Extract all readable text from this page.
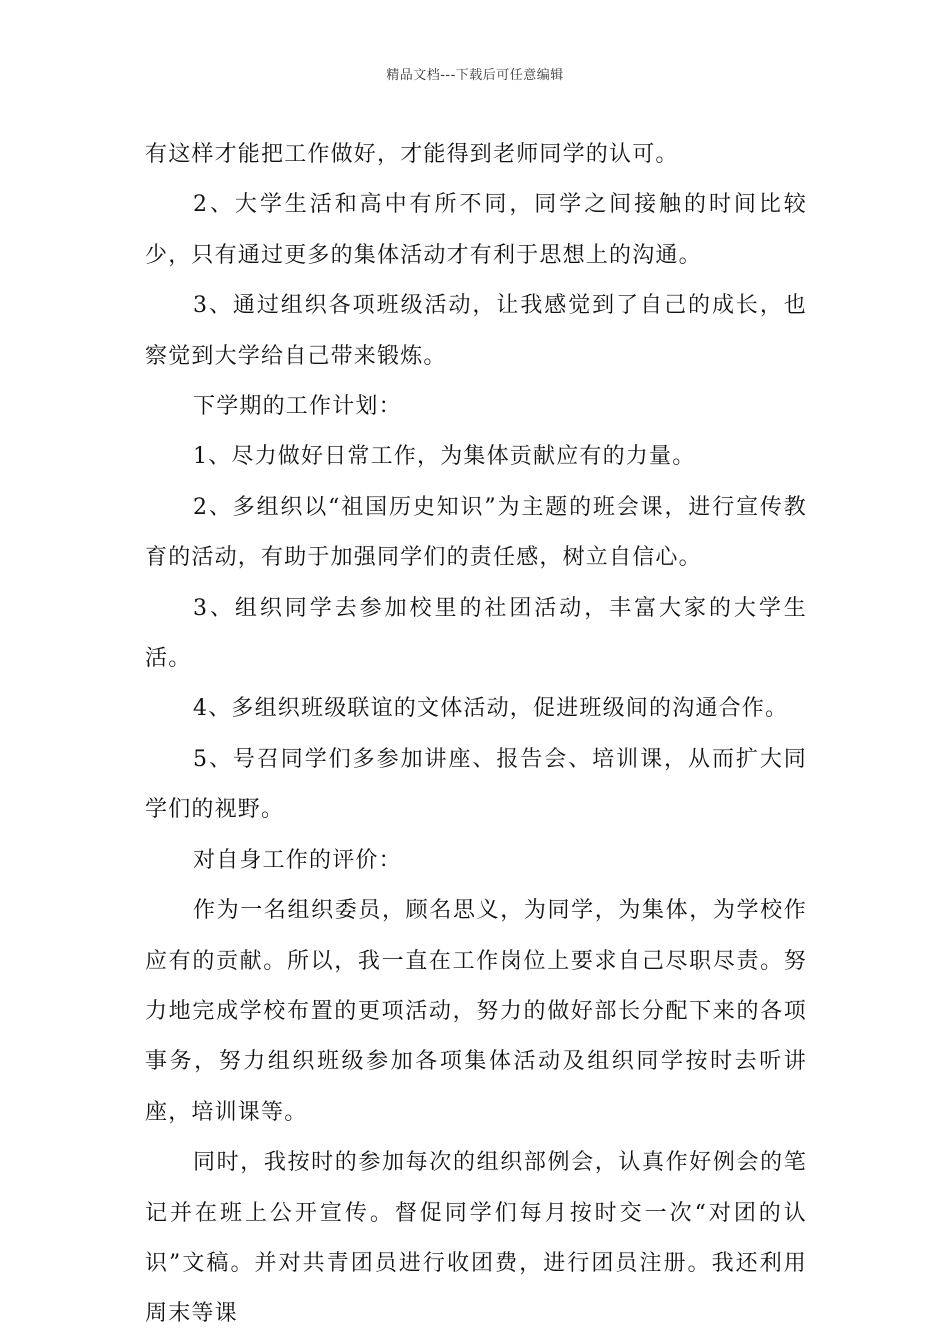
精品文档---下载后可任意编辑

有这样才能把工作做好，才能得到老师同学的认可。

2、大学生活和高中有所不同，同学之间接触的时间比较少，只有通过更多的集体活动才有利于思想上的沟通。

3、通过组织各项班级活动，让我感觉到了自己的成长，也察觉到大学给自己带来锻炼。

下学期的工作计划：

1、尽力做好日常工作，为集体贡献应有的力量。

2、多组织以“祖国历史知识”为主题的班会课，进行宣传教育的活动，有助于加强同学们的责任感，树立自信心。

3、组织同学去参加校里的社团活动，丰富大家的大学生活。

4、多组织班级联谊的文体活动，促进班级间的沟通合作。

5、号召同学们多参加讲座、报告会、培训课，从而扩大同学们的视野。

对自身工作的评价：

作为一名组织委员，顾名思义，为同学，为集体，为学校作应有的贡献。所以，我一直在工作岗位上要求自己尽职尽责。努力地完成学校布置的更项活动，努力的做好部长分配下来的各项事务，努力组织班级参加各项集体活动及组织同学按时去听讲座，培训课等。

同时，我按时的参加每次的组织部例会，认真作好例会的笔记并在班上公开宣传。督促同学们每月按时交一次“对团的认识”文稿。并对共青团员进行收团费，进行团员注册。我还利用周末等课
